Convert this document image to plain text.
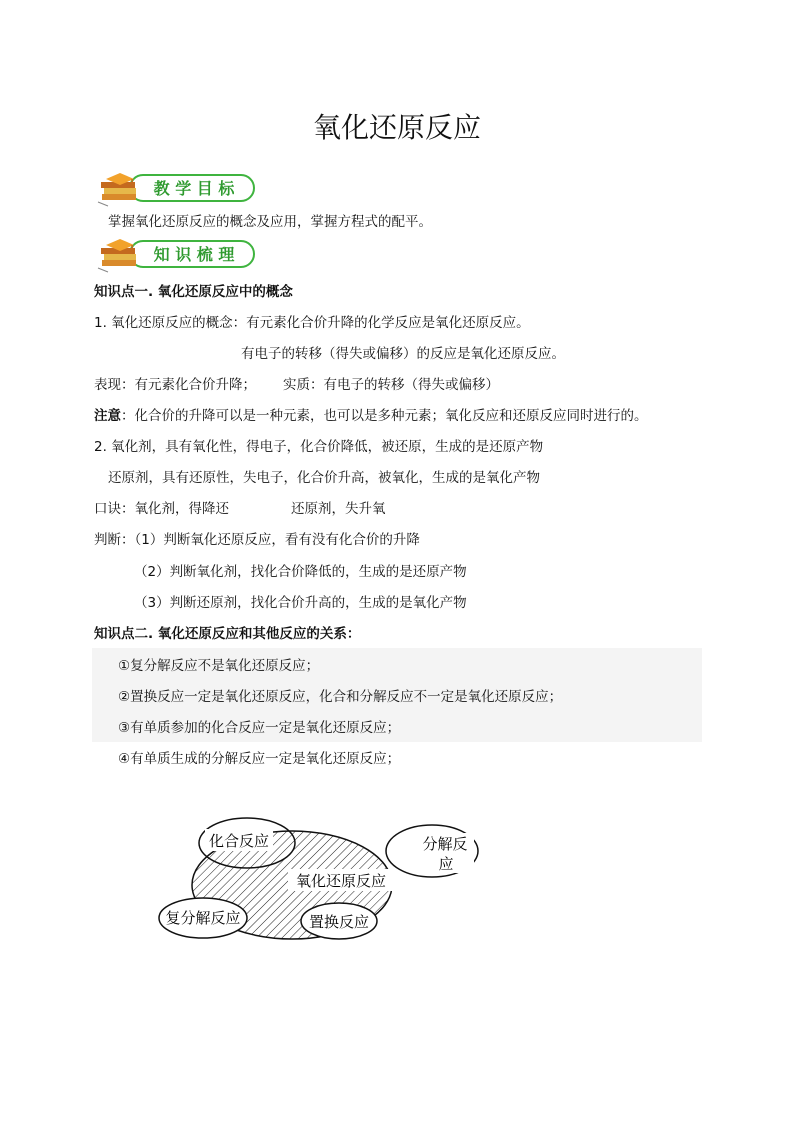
氧化还原反应
教 学 目 标
掌握氧化还原反应的概念及应用，掌握方程式的配平。
知 识 梳 理
知识点一. 氧化还原反应中的概念
1. 氧化还原反应的概念：有元素化合价升降的化学反应是氧化还原反应。
有电子的转移（得失或偏移）的反应是氧化还原反应。
表现：有元素化合价升降； 实质：有电子的转移（得失或偏移）
注意：化合价的升降可以是一种元素，也可以是多种元素；氧化反应和还原反应同时进行的。
2. 氧化剂，具有氧化性，得电子，化合价降低，被还原，生成的是还原产物
还原剂，具有还原性，失电子，化合价升高，被氧化，生成的是氧化产物
口诀：氧化剂，得降还	还原剂，失升氧
判断：（1）判断氧化还原反应，看有没有化合价的升降
（2）判断氧化剂，找化合价降低的，生成的是还原产物
（3）判断还原剂，找化合价升高的，生成的是氧化产物
知识点二. 氧化还原反应和其他反应的关系：
①复分解反应不是氧化还原反应；
②置换反应一定是氧化还原反应，化合和分解反应不一定是氧化还原反应；
③有单质参加的化合反应一定是氧化还原反应；
④有单质生成的分解反应一定是氧化还原反应；
氧化还原反应
化合反应	分解反
应
置换反应
复分解反应
